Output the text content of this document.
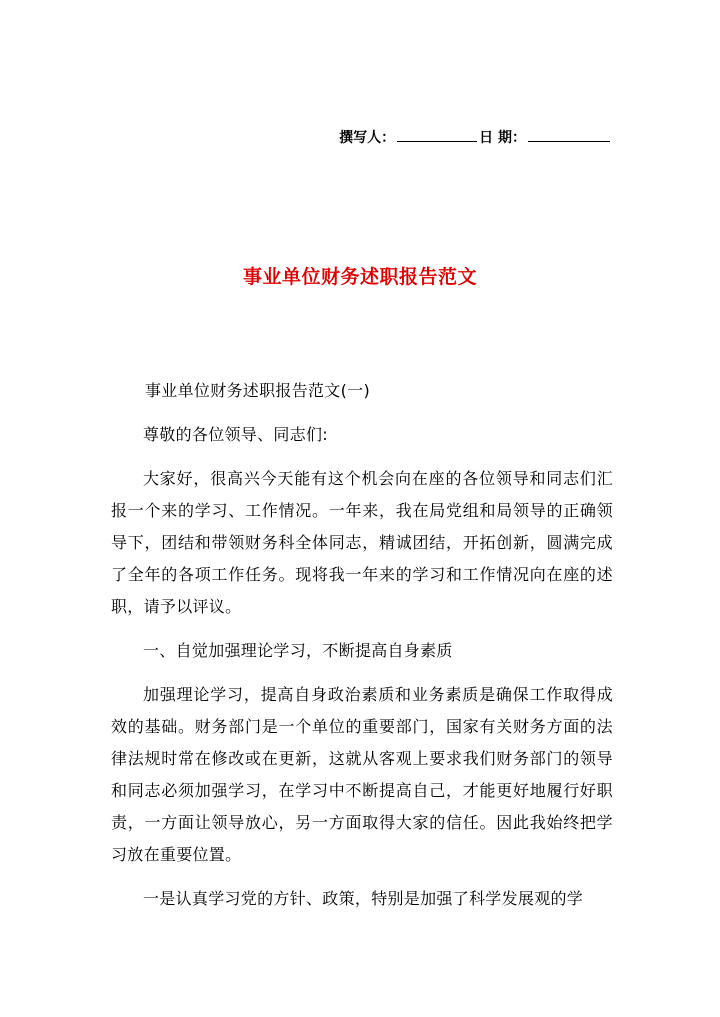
撰写人：	日 期：
事业单位财务述职报告范文

事业单位财务述职报告范文(一)

尊敬的各位领导、同志们:

大家好，很高兴今天能有这个机会向在座的各位领导和同志们汇报一个来的学习、工作情况。一年来，我在局党组和局领导的正确领导下，团结和带领财务科全体同志，精诚团结，开拓创新，圆满完成了全年的各项工作任务。现将我一年来的学习和工作情况向在座的述职，请予以评议。

一、自觉加强理论学习，不断提高自身素质

加强理论学习，提高自身政治素质和业务素质是确保工作取得成效的基础。财务部门是一个单位的重要部门，国家有关财务方面的法律法规时常在修改或在更新，这就从客观上要求我们财务部门的领导和同志必须加强学习，在学习中不断提高自己，才能更好地履行好职责，一方面让领导放心，另一方面取得大家的信任。因此我始终把学习放在重要位置。

一是认真学习党的方针、政策，特别是加强了科学发展观的学
